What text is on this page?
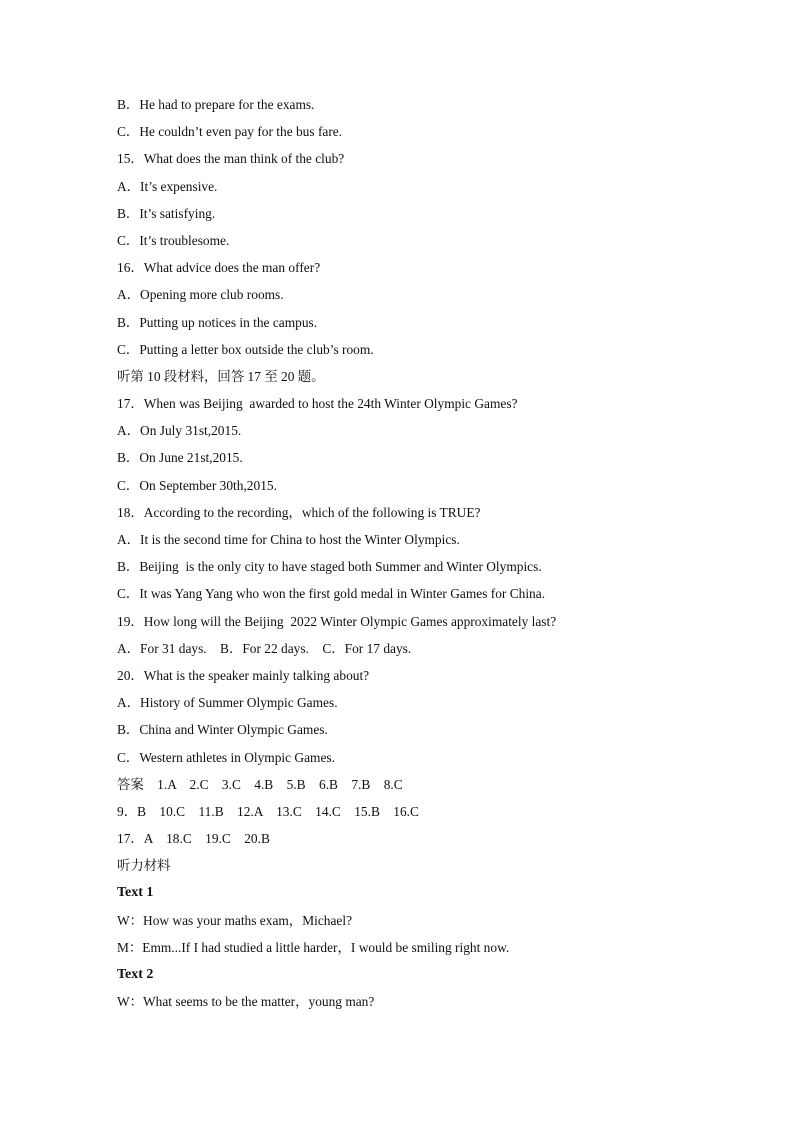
B．He had to prepare for the exams.
C．He couldn’t even pay for the bus fare.
15．What does the man think of the club?
A．It’s expensive.
B．It’s satisfying.
C．It’s troublesome.
16．What advice does the man offer?
A．Opening more club rooms.
B．Putting up notices in the campus.
C．Putting a letter box outside the club’s room.
听第 10 段材料，回答 17 至 20 题。
17．When was Beijing  awarded to host the 24th Winter Olympic Games?
A．On July 31st,2015.
B．On June 21st,2015.
C．On September 30th,2015.
18．According to the recording，which of the following is TRUE?
A．It is the second time for China to host the Winter Olympics.
B．Beijing  is the only city to have staged both Summer and Winter Olympics.
C．It was Yang Yang who won the first gold medal in Winter Games for China.
19．How long will the Beijing  2022 Winter Olympic Games approximately last?
A．For 31 days.    B．For 22 days.    C．For 17 days.
20．What is the speaker mainly talking about?
A．History of Summer Olympic Games.
B．China and Winter Olympic Games.
C．Western athletes in Olympic Games.
答案　1.A　2.C　3.C　4.B　5.B　6.B　7.B　8.C
9．B　10.C　11.B　12.A　13.C　14.C　15.B　16.C
17．A　18.C　19.C　20.B
听力材料
Text 1
W：How was your maths exam，Michael?
M：Emm...If I had studied a little harder，I would be smiling right now.
Text 2
W：What seems to be the matter，young man?
